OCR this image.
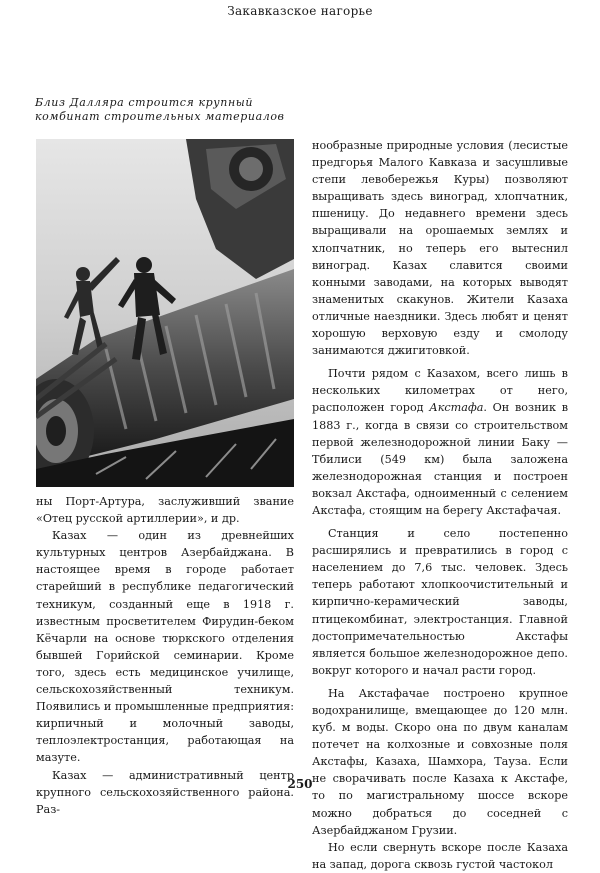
Закавказское нагорье
Близ Далляра строится крупный
комбинат строительных материалов

ны Порт-Артура, заслуживший звание «Отец русской артиллерии», и др.

Казах — один из древнейших культурных центров Азербайджана. В настоящее время в городе работает старейший в республике педагогический техникум, созданный еще в 1918 г. известным просветителем Фирудин-беком Кёчарли на основе тюркского отделения бывшей Горийской семинарии. Кроме того, здесь есть медицинское училище, сельскохозяйственный техникум. Появились и промышленные предприятия: кирпичный и молочный заводы, теплоэлектростанция, работающая на мазуте.

Казах — административный центр крупного сельскохозяйственного района. Раз-

нообразные природные условия (лесистые предгорья Малого Кавказа и засушливые степи левобережья Куры) позволяют выращивать здесь виноград, хлопчатник, пшеницу. До недавнего времени здесь выращивали на орошаемых землях и хлопчатник, но теперь его вытеснил виноград. Казах славится своими конными заводами, на которых выводят знаменитых скакунов. Жители Казаха отличные наездники. Здесь любят и ценят хорошую верховую езду и смолоду занимаются джигитовкой.

Почти рядом с Казахом, всего лишь в нескольких километрах от него, расположен город Акстафа. Он возник в 1883 г., когда в связи со строительством первой железнодорожной линии Баку — Тбилиси (549 км) была заложена железнодорожная станция и построен вокзал Акстафа, одноименный с селением Акстафа, стоящим на берегу Акстафачая.

Станция и село постепенно расширялись и превратились в город с населением до 7,6 тыс. человек. Здесь теперь работают хлопкоочистительный и кирпично-керамический заводы, птицекомбинат, электростанция. Главной достопримечательностью Акстафы является большое железнодорожное депо. вокруг которого и начал расти город.

На Акстафачае построено крупное водохранилище, вмещающее до 120 млн. куб. м воды. Скоро она по двум каналам потечет на колхозные и совхозные поля Акстафы, Казаха, Шамхора, Тауза. Если не сворачивать после Казаха к Акстафе, то по магистральному шоссе вскоре можно добраться до соседней с Азербайджаном Грузии.

Но если свернуть вскоре после Казаха на запад, дорога сквозь густой частокол

250
